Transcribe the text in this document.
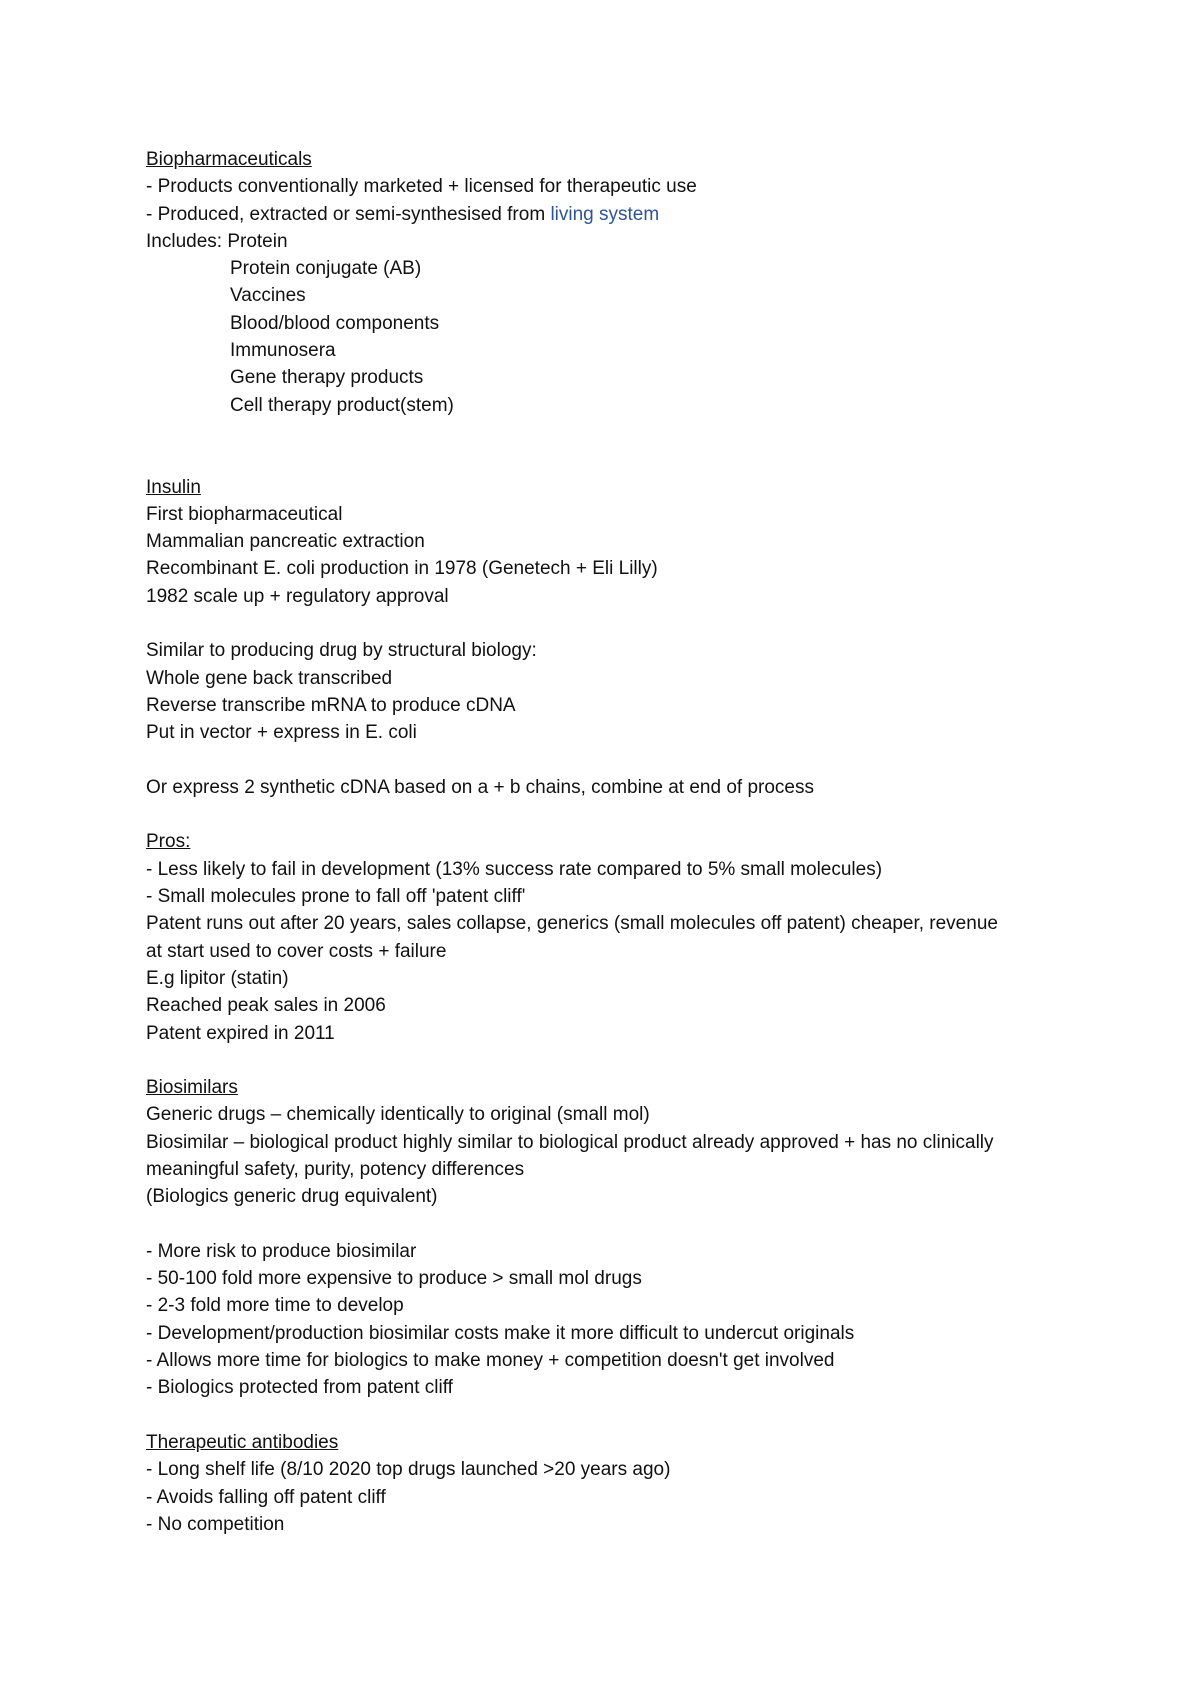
Biopharmaceuticals
- Products conventionally marketed + licensed for therapeutic use
- Produced, extracted or semi-synthesised from living system
Includes: Protein
Protein conjugate (AB)
Vaccines
Blood/blood components
Immunosera
Gene therapy products
Cell therapy product(stem)
Insulin
First biopharmaceutical
Mammalian pancreatic extraction
Recombinant E. coli production in 1978 (Genetech + Eli Lilly)
1982 scale up + regulatory approval
Similar to producing drug by structural biology:
Whole gene back transcribed
Reverse transcribe mRNA to produce cDNA
Put in vector + express in E. coli
Or express 2 synthetic cDNA based on a + b chains, combine at end of process
Pros:
- Less likely to fail in development (13% success rate compared to 5% small molecules)
- Small molecules prone to fall off 'patent cliff'
Patent runs out after 20 years, sales collapse, generics (small molecules off patent) cheaper, revenue
at start used to cover costs + failure
E.g lipitor (statin)
Reached peak sales in 2006
Patent expired in 2011
Biosimilars
Generic drugs – chemically identically to original (small mol)
Biosimilar – biological product highly similar to biological product already approved + has no clinically
meaningful safety, purity, potency differences
(Biologics generic drug equivalent)
- More risk to produce biosimilar
- 50-100 fold more expensive to produce > small mol drugs
- 2-3 fold more time to develop
- Development/production biosimilar costs make it more difficult to undercut originals
- Allows more time for biologics to make money + competition doesn't get involved
- Biologics protected from patent cliff
Therapeutic antibodies
- Long shelf life (8/10 2020 top drugs launched >20 years ago)
- Avoids falling off patent cliff
- No competition
